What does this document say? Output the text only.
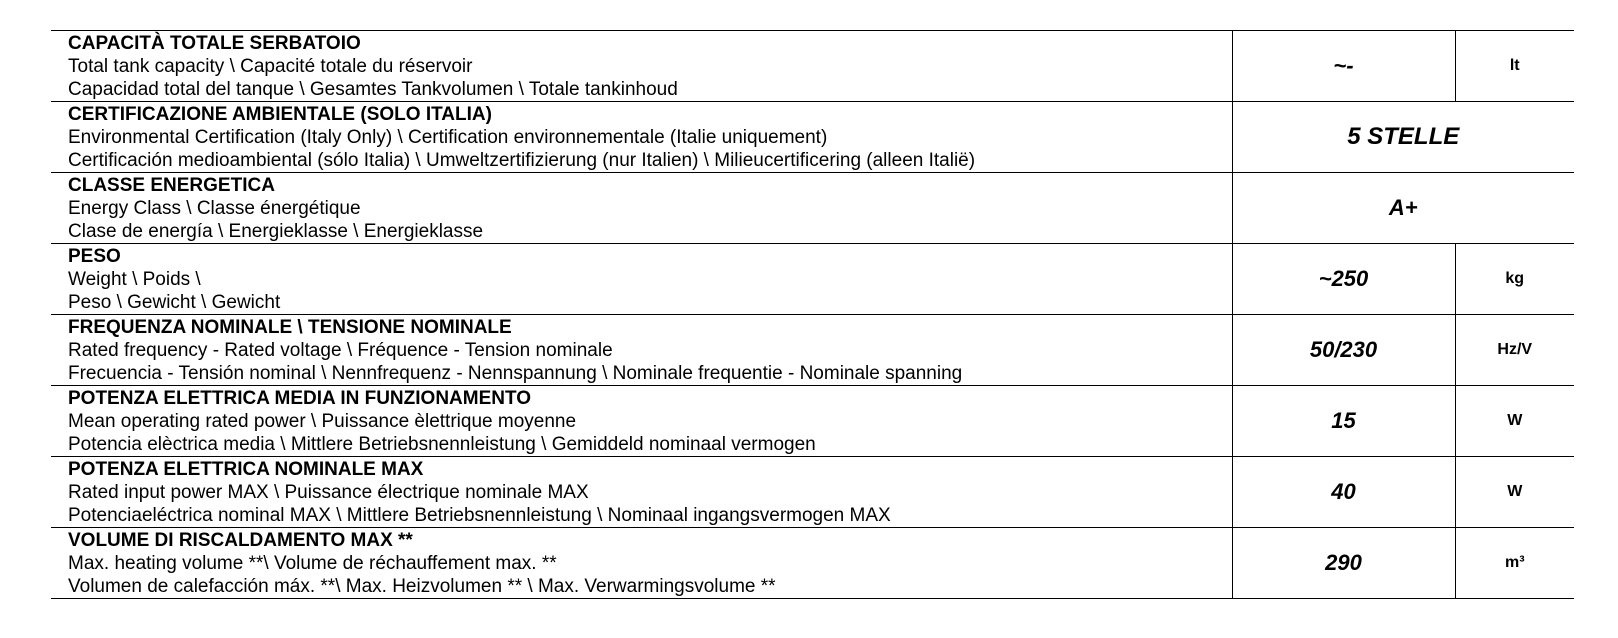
CAPACITÀ TOTALE SERBATOIO
Total tank capacity \ Capacité totale du réservoir
Capacidad total del tanque \ Gesamtes Tankvolumen \ Totale tankinhoud	~-	lt

CERTIFICAZIONE AMBIENTALE (SOLO ITALIA)
Environmental Certification (Italy Only) \ Certification environnementale (Italie uniquement)
Certificación medioambiental (sólo Italia) \ Umweltzertifizierung (nur Italien) \ Milieucertificering (alleen Italië)	5 STELLE	

CLASSE ENERGETICA
Energy Class \ Classe énergétique
Clase de energía \ Energieklasse \ Energieklasse	A+	

PESO
Weight \ Poids \
Peso \ Gewicht \ Gewicht	~250	kg

FREQUENZA NOMINALE \ TENSIONE NOMINALE
Rated frequency - Rated voltage \ Fréquence - Tension nominale
Frecuencia - Tensión nominal \ Nennfrequenz - Nennspannung \ Nominale frequentie - Nominale spanning	50/230	Hz/V

POTENZA ELETTRICA MEDIA IN FUNZIONAMENTO
Mean operating rated power \ Puissance èlettrique moyenne
Potencia elèctrica media \ Mittlere Betriebsnennleistung \ Gemiddeld nominaal vermogen	15	W

POTENZA ELETTRICA NOMINALE MAX
Rated input power MAX \ Puissance électrique nominale MAX
Potenciaeléctrica nominal MAX \ Mittlere Betriebsnennleistung \ Nominaal ingangsvermogen MAX	40	W

VOLUME DI RISCALDAMENTO MAX **
Max. heating volume **\ Volume de réchauffement max. **
Volumen de calefacción máx. **\ Max. Heizvolumen ** \ Max. Verwarmingsvolume **	290	m³
